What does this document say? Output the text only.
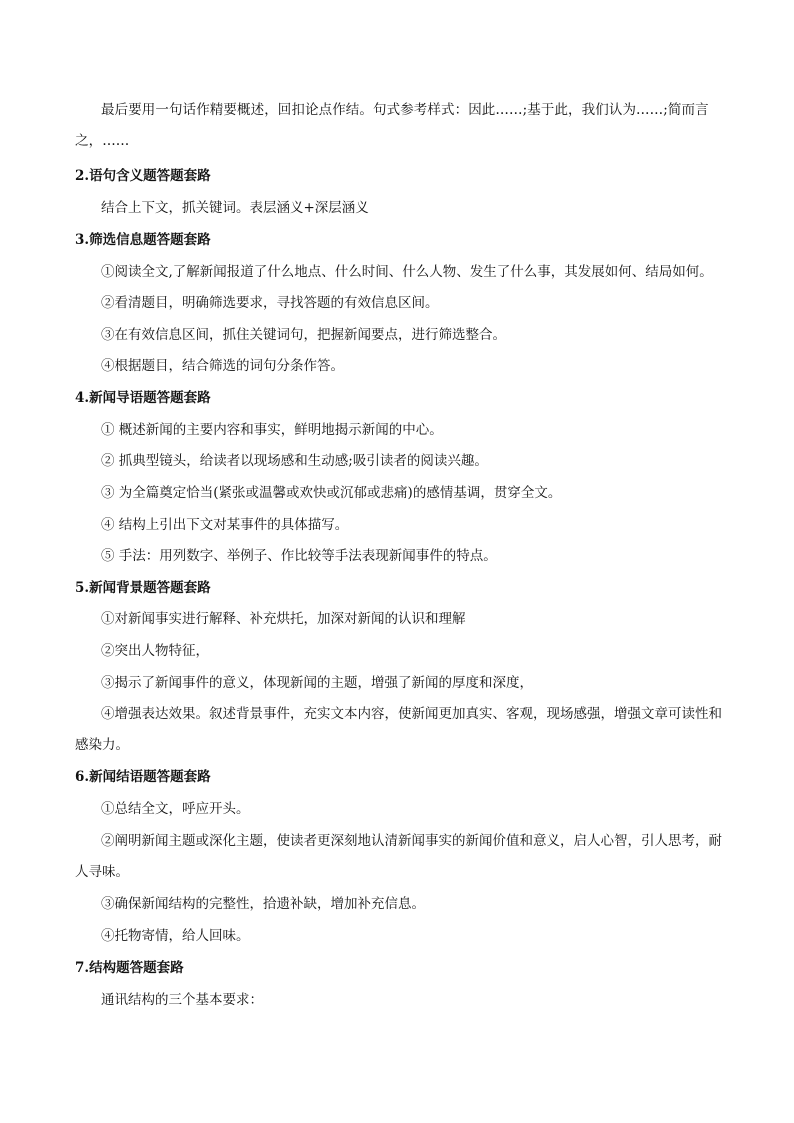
最后要用一句话作精要概述，回扣论点作结。句式参考样式：因此……;基于此，我们认为……;简而言之，……
2.语句含义题答题套路
结合上下文，抓关键词。表层涵义+深层涵义
3.筛选信息题答题套路
①阅读全文,了解新闻报道了什么地点、什么时间、什么人物、发生了什么事，其发展如何、结局如何。
②看清题目，明确筛选要求，寻找答题的有效信息区间。
③在有效信息区间，抓住关键词句，把握新闻要点，进行筛选整合。
④根据题目，结合筛选的词句分条作答。
4.新闻导语题答题套路
① 概述新闻的主要内容和事实，鲜明地揭示新闻的中心。
② 抓典型镜头，给读者以现场感和生动感;吸引读者的阅读兴趣。
③ 为全篇奠定恰当(紧张或温馨或欢快或沉郁或悲痛)的感情基调，贯穿全文。
④ 结构上引出下文对某事件的具体描写。
⑤ 手法：用列数字、举例子、作比较等手法表现新闻事件的特点。
5.新闻背景题答题套路
①对新闻事实进行解释、补充烘托，加深对新闻的认识和理解
②突出人物特征，
③揭示了新闻事件的意义，体现新闻的主题，增强了新闻的厚度和深度，
④增强表达效果。叙述背景事件，充实文本内容，使新闻更加真实、客观，现场感强，增强文章可读性和感染力。
6.新闻结语题答题套路
①总结全文，呼应开头。
②阐明新闻主题或深化主题，使读者更深刻地认清新闻事实的新闻价值和意义，启人心智，引人思考，耐人寻味。
③确保新闻结构的完整性，拾遗补缺，增加补充信息。
④托物寄情，给人回味。
7.结构题答题套路
通讯结构的三个基本要求：
